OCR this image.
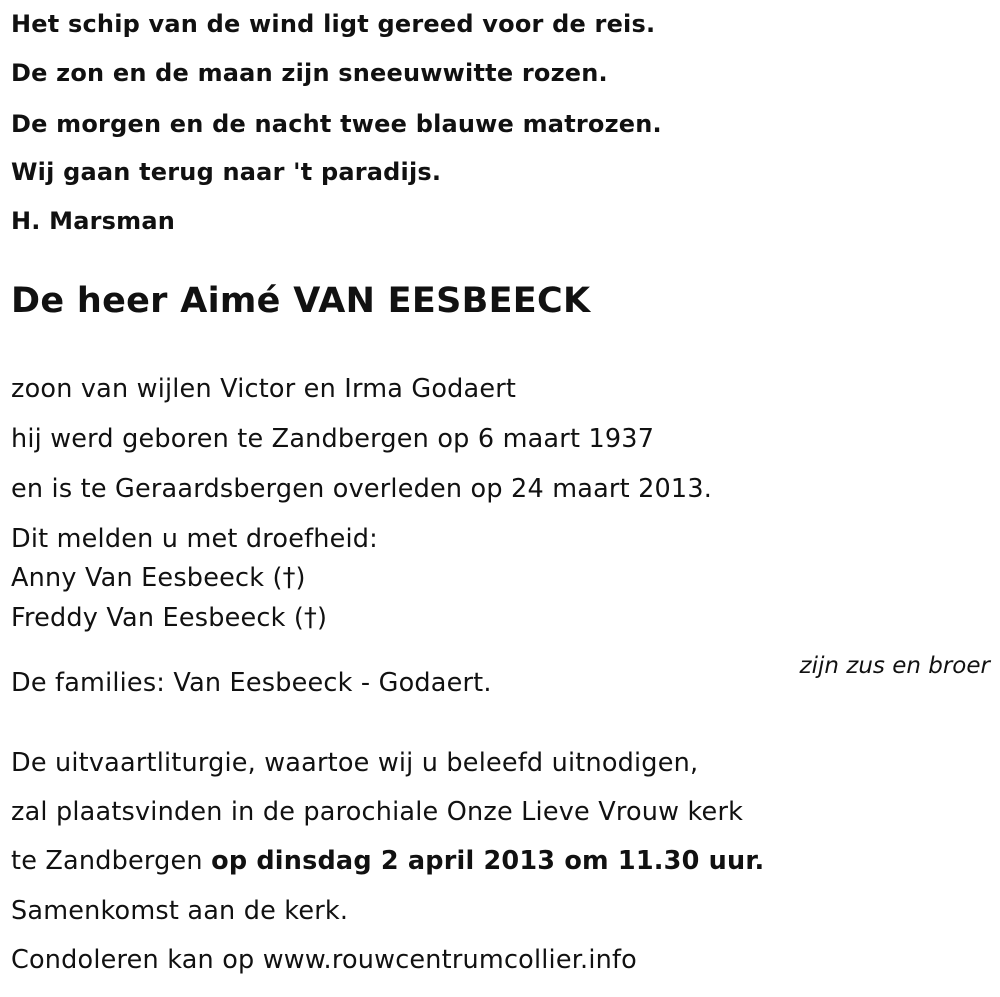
Het schip van de wind ligt gereed voor de reis.

De zon en de maan zijn sneeuwwitte rozen.

De morgen en de nacht twee blauwe matrozen.

Wij gaan terug naar 't paradijs.

H. Marsman

De heer Aimé VAN EESBEECK

zoon van wijlen Victor en Irma Godaert

hij werd geboren te Zandbergen op 6 maart 1937

en is te Geraardsbergen overleden op 24 maart 2013.

Dit melden u met droefheid:

Anny Van Eesbeeck (†)

Freddy Van Eesbeeck (†)

zijn zus en broer

De families: Van Eesbeeck - Godaert.

De uitvaartliturgie, waartoe wij u beleefd uitnodigen,

zal plaatsvinden in de parochiale Onze Lieve Vrouw kerk

te Zandbergen op dinsdag 2 april 2013 om 11.30 uur.

Samenkomst aan de kerk.

Condoleren kan op www.rouwcentrumcollier.info
